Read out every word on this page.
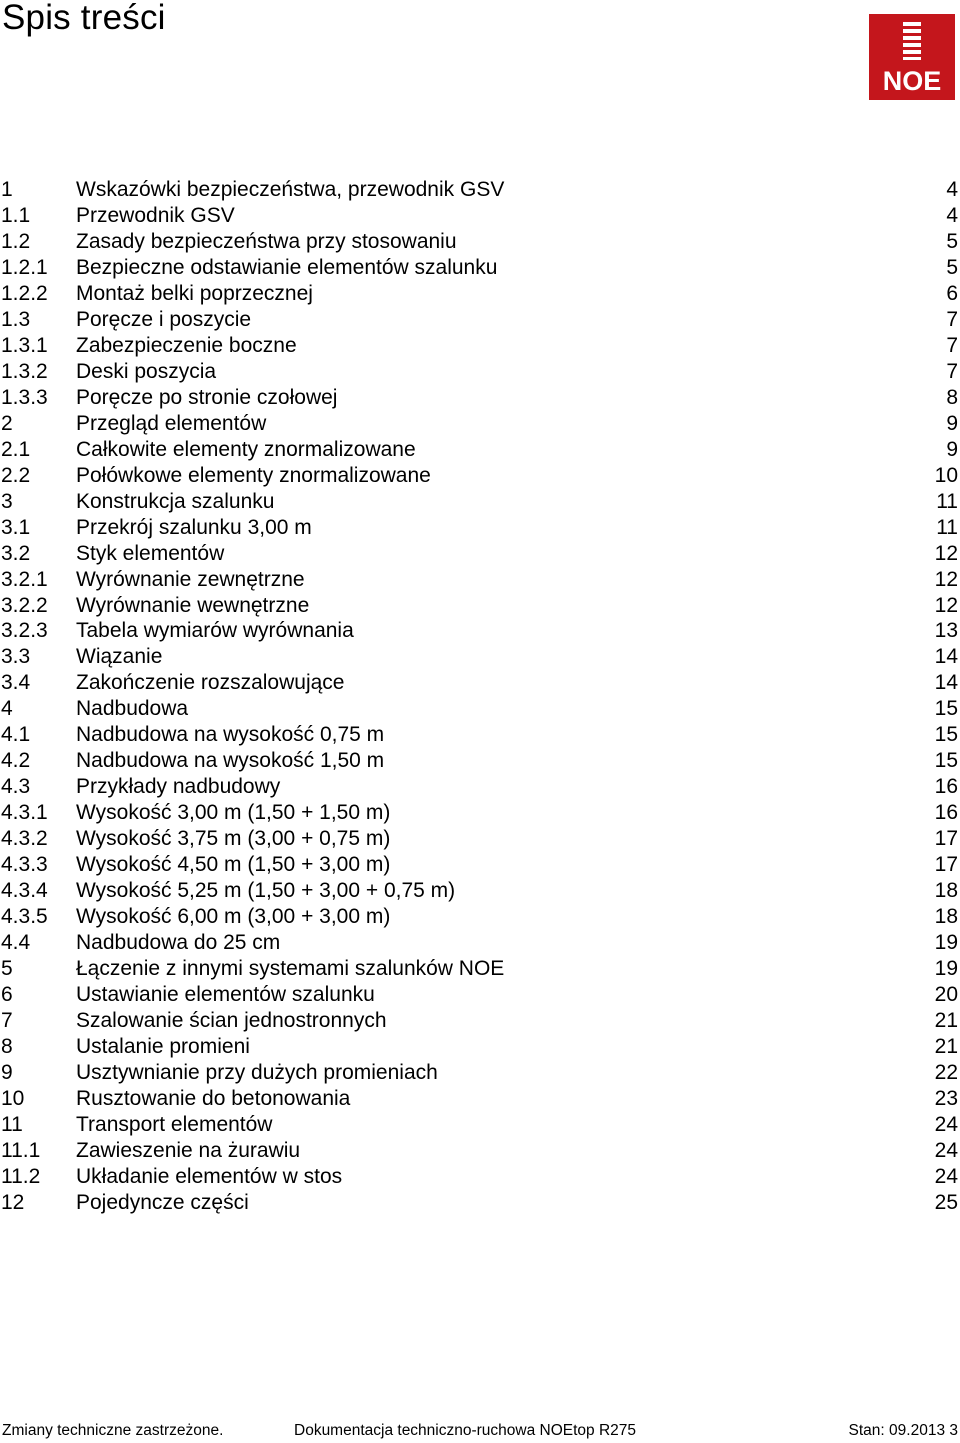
Spis treści
NOE
1	Wskazówki bezpieczeństwa, przewodnik GSV	4
1.1 Przewodnik GSV	4
1.2 Zasady bezpieczeństwa przy stosowaniu	5
1.2.1 Bezpieczne odstawianie elementów szalunku	5
1.2.2 Montaż belki poprzecznej	6
1.3 Poręcze i poszycie	7
1.3.1 Zabezpieczenie boczne	7
1.3.2 Deski poszycia	7
1.3.3 Poręcze po stronie czołowej	8
2	Przegląd elementów	9
2.1 Całkowite elementy znormalizowane	9
2.2 Połówkowe elementy znormalizowane	10
3	Konstrukcja szalunku	11
3.1 Przekrój szalunku 3,00 m	11
3.2 Styk elementów	12
3.2.1 Wyrównanie zewnętrzne	12
3.2.2 Wyrównanie wewnętrzne	12
3.2.3 Tabela wymiarów wyrównania	13
3.3 Wiązanie	14
3.4 Zakończenie rozszalowujące	14
4	Nadbudowa	15
4.1 Nadbudowa na wysokość 0,75 m	15
4.2 Nadbudowa na wysokość 1,50 m	15
4.3 Przykłady nadbudowy	16
4.3.1 Wysokość 3,00 m (1,50 + 1,50 m)	16
4.3.2 Wysokość 3,75 m (3,00 + 0,75 m)	17
4.3.3 Wysokość 4,50 m (1,50 + 3,00 m)	17
4.3.4 Wysokość 5,25 m (1,50 + 3,00 + 0,75 m)	18
4.3.5 Wysokość 6,00 m (3,00 + 3,00 m)	18
4.4 Nadbudowa do 25 cm	19
5	Łączenie z innymi systemami szalunków NOE	19
6	Ustawianie elementów szalunku	20
7	Szalowanie ścian jednostronnych	21
8	Ustalanie promieni	21
9	Usztywnianie przy dużych promieniach	22
10 Rusztowanie do betonowania	23
11	Transport elementów	24
11.1 Zawieszenie na żurawiu	24
11.2 Układanie elementów w stos	24
12 Pojedyncze części	25
Zmiany techniczne zastrzeżone.	Dokumentacja techniczno-ruchowa NOEtop R275	Stan: 09.2013 3
